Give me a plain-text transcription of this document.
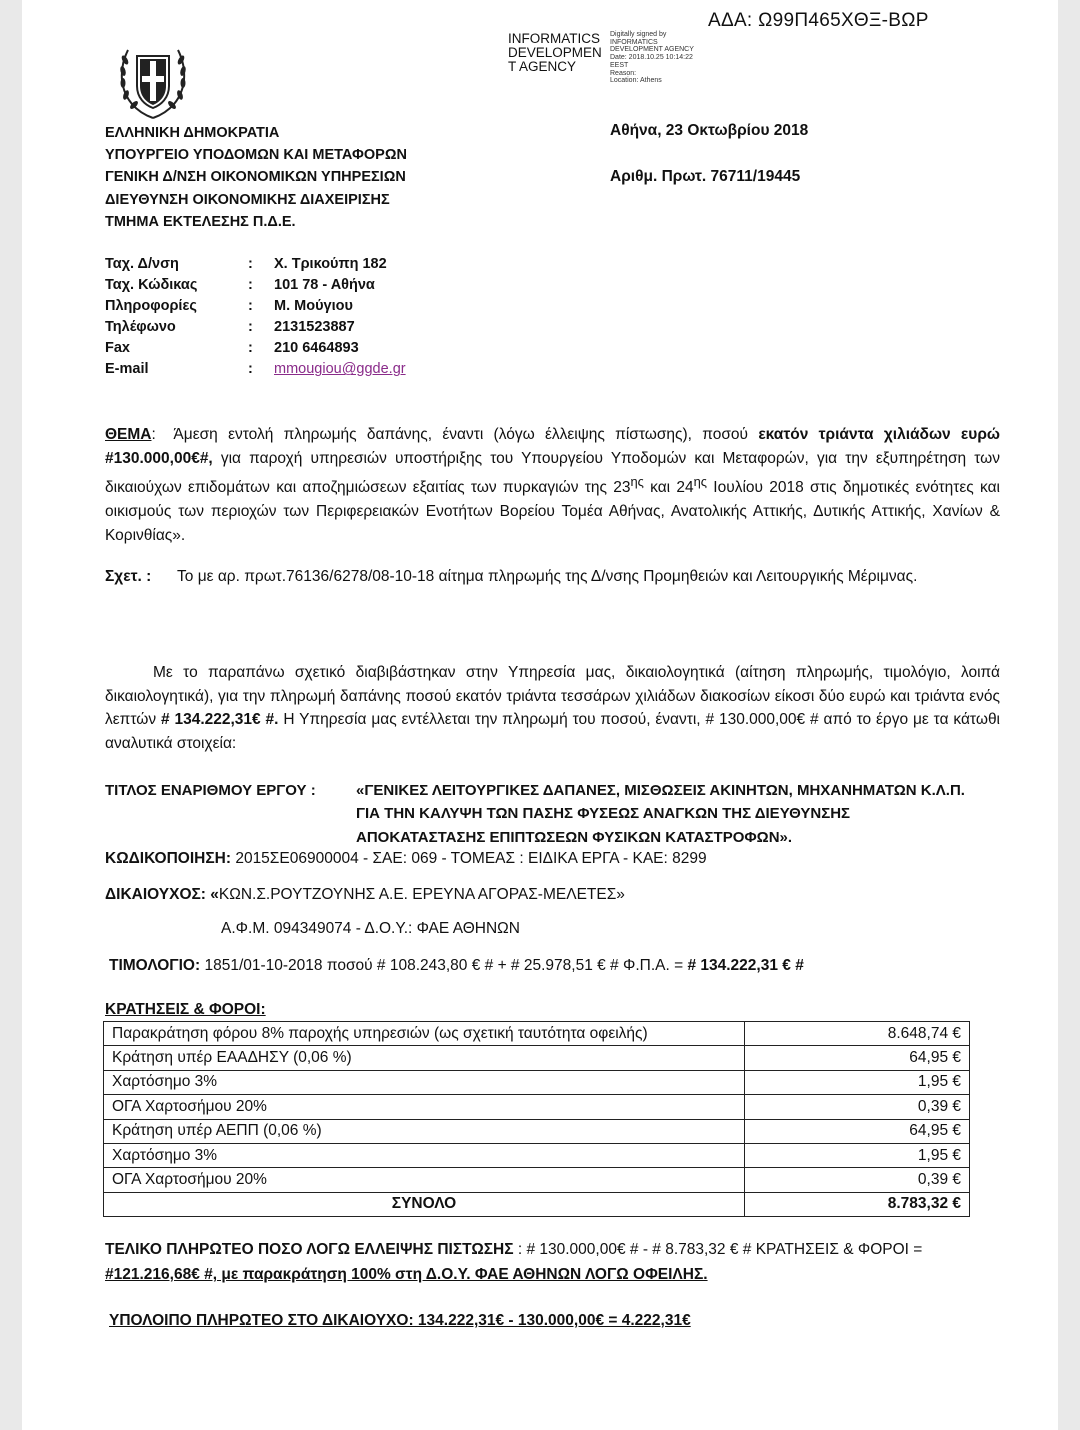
ΑΔΑ: Ω99Π465ΧΘΞ-ΒΩΡ
INFORMATICS
DEVELOPMEN
T AGENCY
Digitally signed by
INFORMATICS
DEVELOPMENT AGENCY
Date: 2018.10.25 10:14:22
EEST
Reason:
Location: Athens
ΕΛΛΗΝΙΚΗ ΔΗΜΟΚΡΑΤΙΑ
ΥΠΟΥΡΓΕΙΟ ΥΠΟΔΟΜΩΝ ΚΑΙ ΜΕΤΑΦΟΡΩΝ
ΓΕΝΙΚΗ Δ/ΝΣΗ ΟΙΚΟΝΟΜΙΚΩΝ ΥΠΗΡΕΣΙΩΝ
ΔΙΕΥΘΥΝΣΗ ΟΙΚΟΝΟΜΙΚΗΣ ΔΙΑΧΕΙΡΙΣΗΣ
ΤΜΗΜΑ ΕΚΤΕΛΕΣΗΣ Π.Δ.Ε.
Αθήνα, 23 Οκτωβρίου 2018
Αριθμ. Πρωτ. 76711/19445
Ταχ. Δ/νση	:	Χ. Τρικούπη 182
Ταχ. Κώδικας	:	101 78 - Αθήνα
Πληροφορίες	:	Μ. Μούγιου
Τηλέφωνο	:	2131523887
Fax	:	210 6464893
E-mail	:	mmougiou@ggde.gr
ΘΕΜΑ: Άμεση εντολή πληρωμής δαπάνης, έναντι (λόγω έλλειψης πίστωσης), ποσού εκατόν τριάντα χιλιάδων ευρώ #130.000,00€#, για παροχή υπηρεσιών υποστήριξης του Υπουργείου Υποδομών και Μεταφορών, για την εξυπηρέτηση των δικαιούχων επιδομάτων και αποζημιώσεων εξαιτίας των πυρκαγιών της $23^{\eta\varsigma}$ και $24^{\eta\varsigma}$ Ιουλίου 2018 στις δημοτικές ενότητες και οικισμούς των περιοχών των Περιφερειακών Ενοτήτων Βορείου Τομέα Αθήνας, Ανατολικής Αττικής, Δυτικής Αττικής, Χανίων & Κορινθίας».
Σχετ. :	Το με αρ. πρωτ.76136/6278/08-10-18 αίτημα πληρωμής της Δ/νσης Προμηθειών και Λειτουργικής Μέριμνας.
Με το παραπάνω σχετικό διαβιβάστηκαν στην Υπηρεσία μας, δικαιολογητικά (αίτηση πληρωμής, τιμολόγιο, λοιπά δικαιολογητικά), για την πληρωμή δαπάνης ποσού εκατόν τριάντα τεσσάρων χιλιάδων διακοσίων είκοσι δύο ευρώ και τριάντα ενός λεπτών # 134.222,31€ #. Η Υπηρεσία μας εντέλλεται την πληρωμή του ποσού, έναντι, # 130.000,00€ # από το έργο με τα κάτωθι αναλυτικά στοιχεία:
ΤΙΤΛΟΣ ΕΝΑΡΙΘΜΟΥ ΕΡΓΟΥ :	«ΓΕΝΙΚΕΣ ΛΕΙΤΟΥΡΓΙΚΕΣ ΔΑΠΑΝΕΣ, ΜΙΣΘΩΣΕΙΣ ΑΚΙΝΗΤΩΝ, ΜΗΧΑΝΗΜΑΤΩΝ Κ.Λ.Π. ΓΙΑ ΤΗΝ ΚΑΛΥΨΗ ΤΩΝ ΠΑΣΗΣ ΦΥΣΕΩΣ ΑΝΑΓΚΩΝ ΤΗΣ ΔΙΕΥΘΥΝΣΗΣ ΑΠΟΚΑΤΑΣΤΑΣΗΣ ΕΠΙΠΤΩΣΕΩΝ ΦΥΣΙΚΩΝ ΚΑΤΑΣΤΡΟΦΩΝ».
ΚΩΔΙΚΟΠΟΙΗΣΗ: 2015ΣΕ06900004 - ΣΑΕ: 069 - ΤΟΜΕΑΣ : ΕΙΔΙΚΑ ΕΡΓΑ - ΚΑΕ: 8299
ΔΙΚΑΙΟΥΧΟΣ: «ΚΩΝ.Σ.ΡΟΥΤΖΟΥΝΗΣ Α.Ε. ΕΡΕΥΝΑ ΑΓΟΡΑΣ-ΜΕΛΕΤΕΣ»
Α.Φ.Μ. 094349074 - Δ.Ο.Υ.: ΦΑΕ ΑΘΗΝΩΝ
ΤΙΜΟΛΟΓΙΟ: 1851/01-10-2018 ποσού # 108.243,80 € # + # 25.978,51 € # Φ.Π.Α. = # 134.222,31 € #
ΚΡΑΤΗΣΕΙΣ & ΦΟΡΟΙ:
Παρακράτηση φόρου 8% παροχής υπηρεσιών (ως σχετική ταυτότητα οφειλής)	8.648,74 €
Κράτηση υπέρ ΕΑΑΔΗΣΥ (0,06 %)	64,95 €
Χαρτόσημο 3%	1,95 €
ΟΓΑ Χαρτοσήμου 20%	0,39 €
Κράτηση υπέρ ΑΕΠΠ (0,06 %)	64,95 €
Χαρτόσημο 3%	1,95 €
ΟΓΑ Χαρτοσήμου 20%	0,39 €
ΣΥΝΟΛΟ	8.783,32 €
ΤΕΛΙΚΟ ΠΛΗΡΩΤΕΟ ΠΟΣΟ ΛΟΓΩ ΕΛΛΕΙΨΗΣ ΠΙΣΤΩΣΗΣ : # 130.000,00€ # - # 8.783,32 € # ΚΡΑΤΗΣΕΙΣ & ΦΟΡΟΙ =
#121.216,68€ #, με παρακράτηση 100% στη Δ.Ο.Υ. ΦΑΕ ΑΘΗΝΩΝ ΛΟΓΩ ΟΦΕΙΛΗΣ.
ΥΠΟΛΟΙΠΟ ΠΛΗΡΩΤΕΟ ΣΤΟ ΔΙΚΑΙΟΥΧΟ: 134.222,31€ - 130.000,00€ = 4.222,31€
